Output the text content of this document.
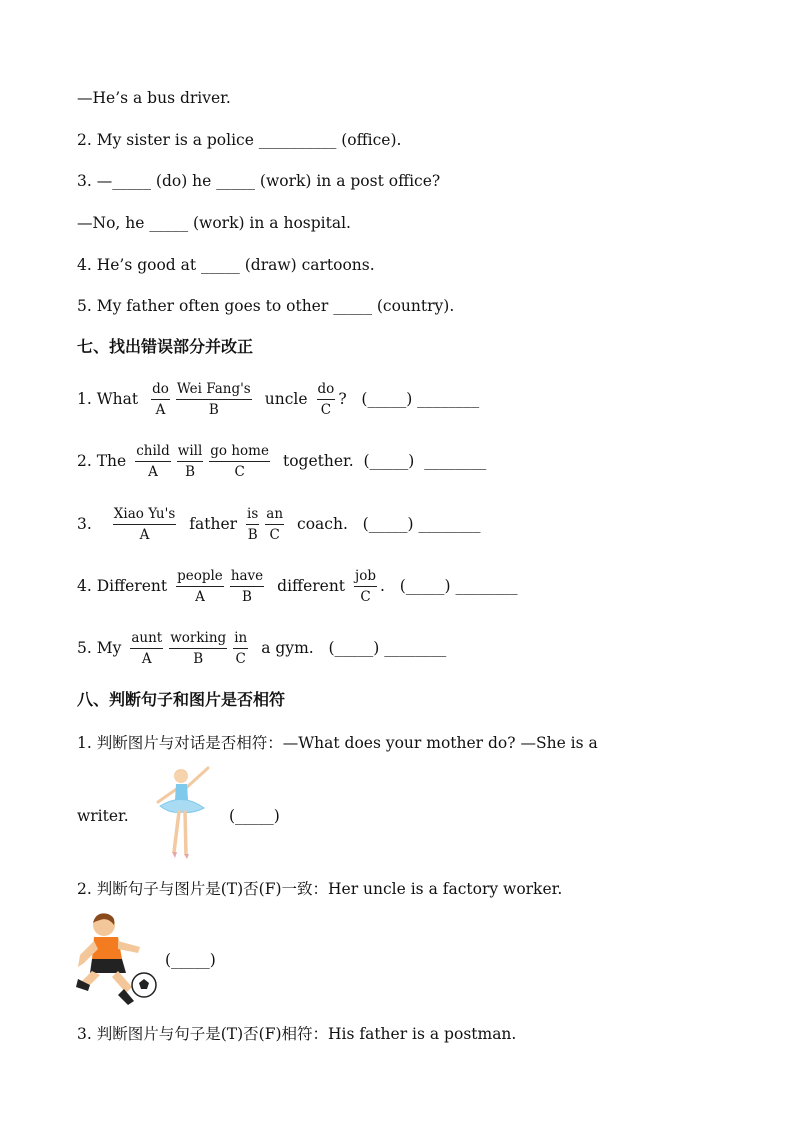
—He’s a bus driver.
2. My sister is a police __________ (office).
3. —_____ (do) he _____ (work) in a post office?
—No, he _____ (work) in a hospital.
4. He’s good at _____ (draw) cartoons.
5. My father often goes to other _____ (country).
七、找出错误部分并改正
1. What $\frac{do}{A} \frac{\text{Wei Fang's}}{B}$ uncle $\frac{do}{C}$ ?   (_____) ________
2. The $\frac{\text{child}}{A} \frac{\text{will}}{B} \frac{\text{go home}}{C}$ together.  (_____)  ________
3. $\frac{\text{Xiao Yu's}}{A}$ father $\frac{is}{B} \frac{an}{C}$ coach.   (_____) ________
4. Different $\frac{\text{people}}{A} \frac{\text{have}}{B}$ different $\frac{\text{job}}{C}$ .   (_____) ________
5. My $\frac{\text{aunt}}{A} \frac{\text{working}}{B} \frac{in}{C}$ a gym.   (_____) ________
八、判断句子和图片是否相符
1. 判断图片与对话是否相符：—What does your mother do? —She is a
writer.	(_____)
2. 判断句子与图片是(T)否(F)一致：Her uncle is a factory worker.
(_____)
3. 判断图片与句子是(T)否(F)相符：His father is a postman.
